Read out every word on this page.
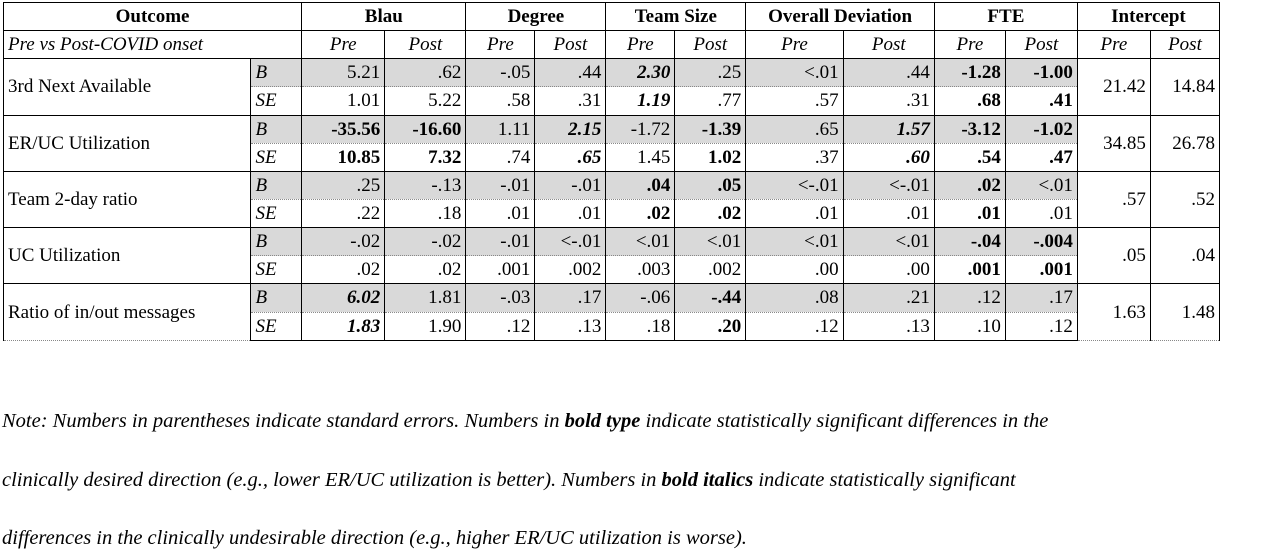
Outcome		Blau		Degree		Team Size		Overall Deviation		FTE		Intercept	
Pre vs Post-COVID onset		Pre	Post	Pre	Post	Pre	Post	Pre	Post	Pre	Post	Pre	Post
3rd Next Available	B	5.21	.62	-.05	.44	2.30	.25	<.01	.44	-1.28	-1.00	21.42	14.84
	SE	1.01	5.22	.58	.31	1.19	.77	.57	.31	.68	.41		
ER/UC Utilization	B	-35.56	-16.60	1.11	2.15	-1.72	-1.39	.65	1.57	-3.12	-1.02	34.85	26.78
	SE	10.85	7.32	.74	.65	1.45	1.02	.37	.60	.54	.47		
Team 2-day ratio	B	.25	-.13	-.01	-.01	.04	.05	<-.01	<-.01	.02	<.01	.57	.52
	SE	.22	.18	.01	.01	.02	.02	.01	.01	.01	.01		
UC Utilization	B	-.02	-.02	-.01	<-.01	<.01	<.01	<.01	<.01	-.04	-.004	.05	.04
	SE	.02	.02	.001	.002	.003	.002	.00	.00	.001	.001		
Ratio of in/out messages	B	6.02	1.81	-.03	.17	-.06	-.44	.08	.21	.12	.17	1.63	1.48
	SE	1.83	1.90	.12	.13	.18	.20	.12	.13	.10	.12		
Note: Numbers in parentheses indicate standard errors. Numbers in bold type indicate statistically significant differences in the
clinically desired direction (e.g., lower ER/UC utilization is better). Numbers in bold italics indicate statistically significant
differences in the clinically undesirable direction (e.g., higher ER/UC utilization is worse).
